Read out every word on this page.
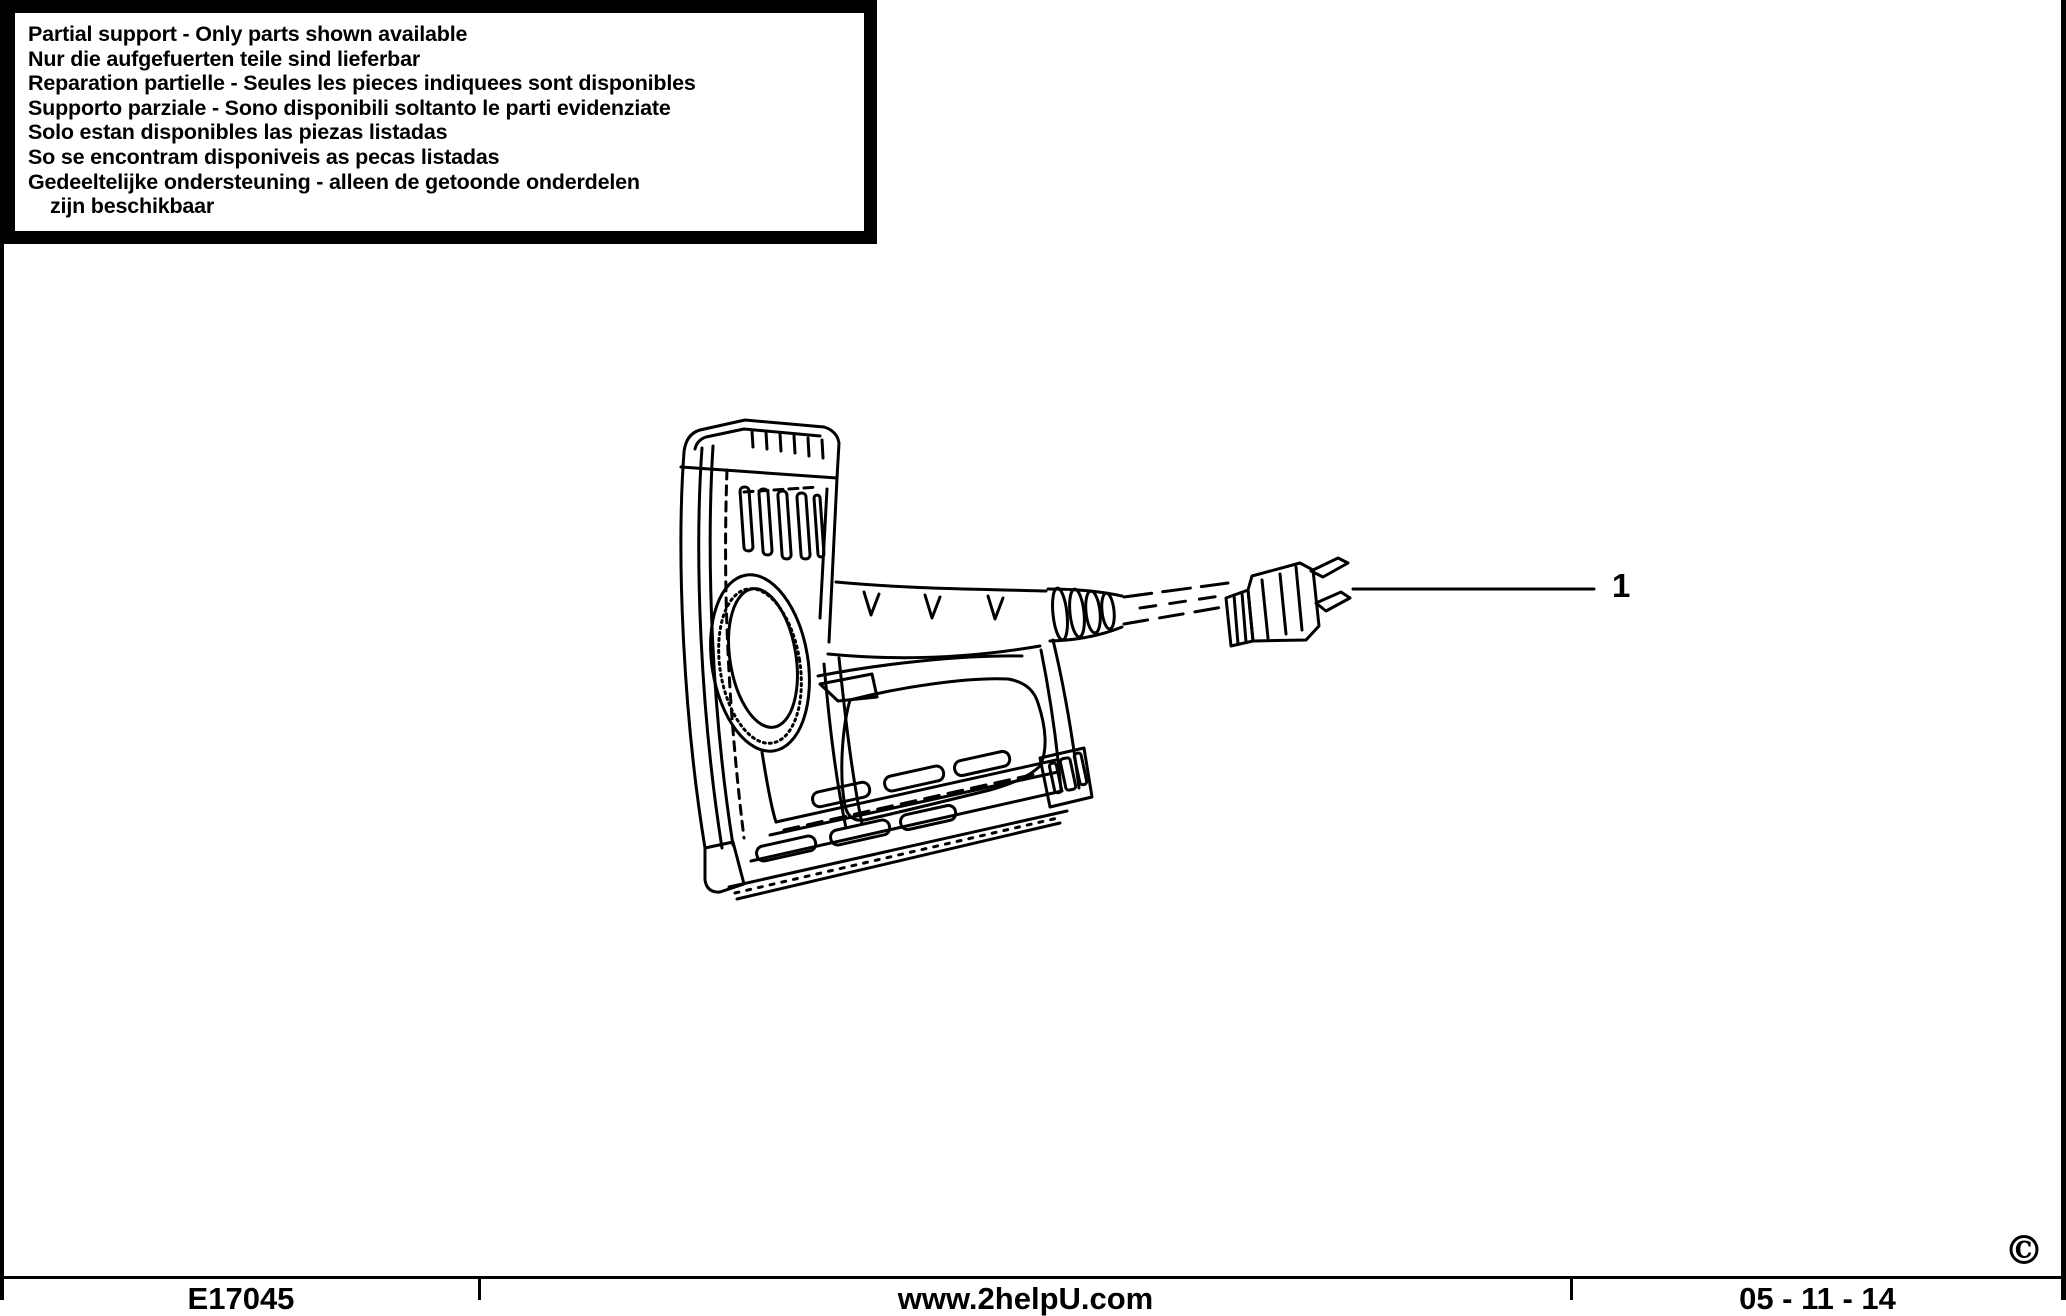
Partial support - Only parts shown available
Nur die aufgefuerten teile sind lieferbar
Reparation partielle - Seules les pieces indiquees sont disponibles
Supporto parziale - Sono disponibili soltanto le parti evidenziate
Solo estan disponibles las piezas listadas
So se encontram disponiveis as pecas listadas
Gedeeltelijke ondersteuning - alleen de getoonde onderdelen
zijn beschikbaar
1
E17045	www.2helpU.com	05 - 11 - 14
©
